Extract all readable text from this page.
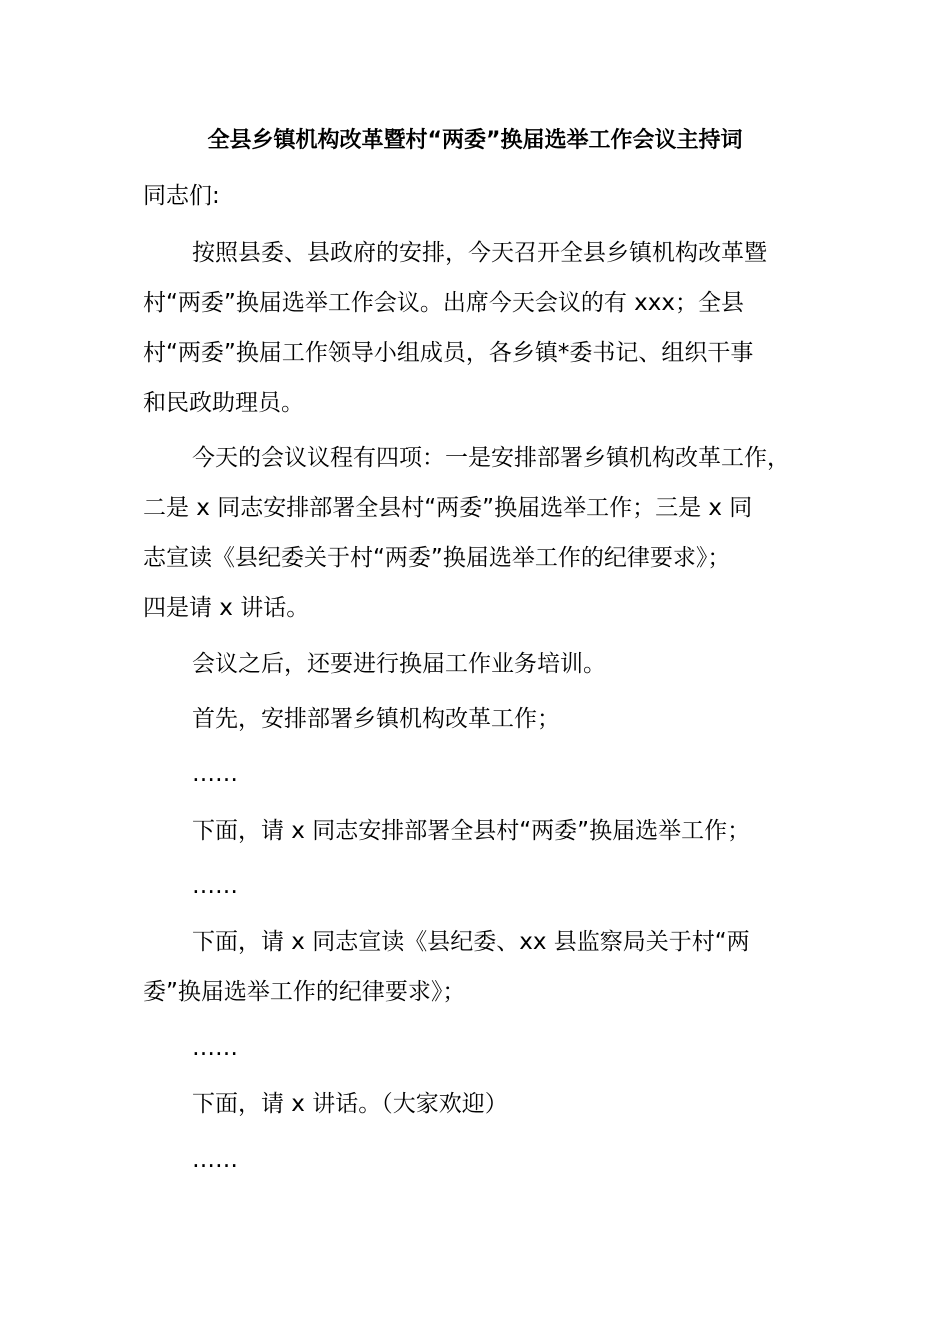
全县乡镇机构改革暨村“两委”换届选举工作会议主持词
同志们:
按照县委、县政府的安排，今天召开全县乡镇机构改革暨
村“两委”换届选举工作会议。出席今天会议的有 xxx；全县
村“两委”换届工作领导小组成员，各乡镇*委书记、组织干事
和民政助理员。
今天的会议议程有四项：一是安排部署乡镇机构改革工作，
二是 x 同志安排部署全县村“两委”换届选举工作；三是 x 同
志宣读《县纪委关于村“两委”换届选举工作的纪律要求》；
四是请 x 讲话。
会议之后，还要进行换届工作业务培训。
首先，安排部署乡镇机构改革工作；
……
下面，请 x 同志安排部署全县村“两委”换届选举工作；
……
下面，请 x 同志宣读《县纪委、xx 县监察局关于村“两
委”换届选举工作的纪律要求》；
……
下面，请 x 讲话。（大家欢迎）
……
